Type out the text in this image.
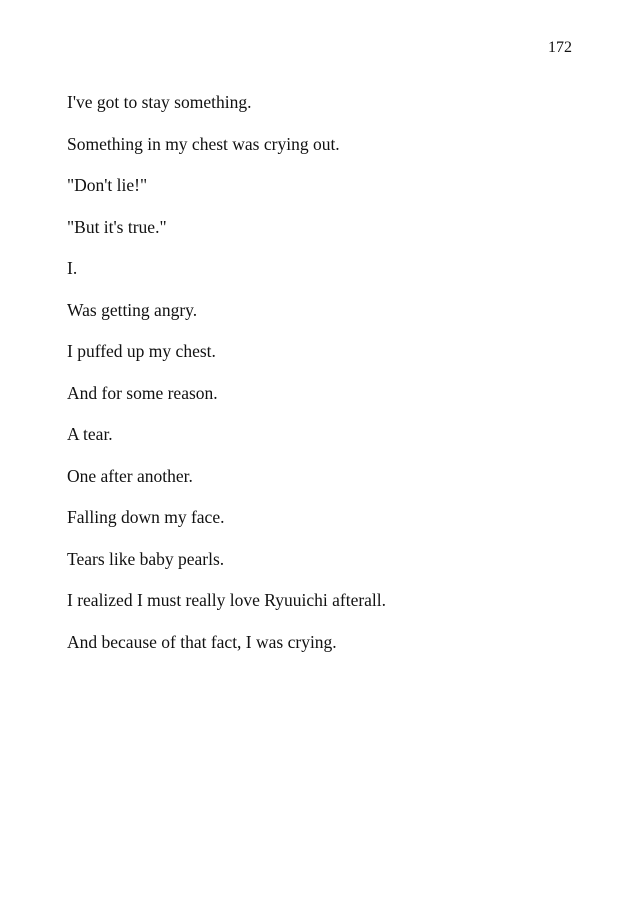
172

I've got to stay something.

Something in my chest was crying out.

"Don't lie!"

"But it's true."

I.

Was getting angry.

I puffed up my chest.

And for some reason.

A tear.

One after another.

Falling down my face.

Tears like baby pearls.

I realized I must really love Ryuuichi afterall.

And because of that fact, I was crying.
